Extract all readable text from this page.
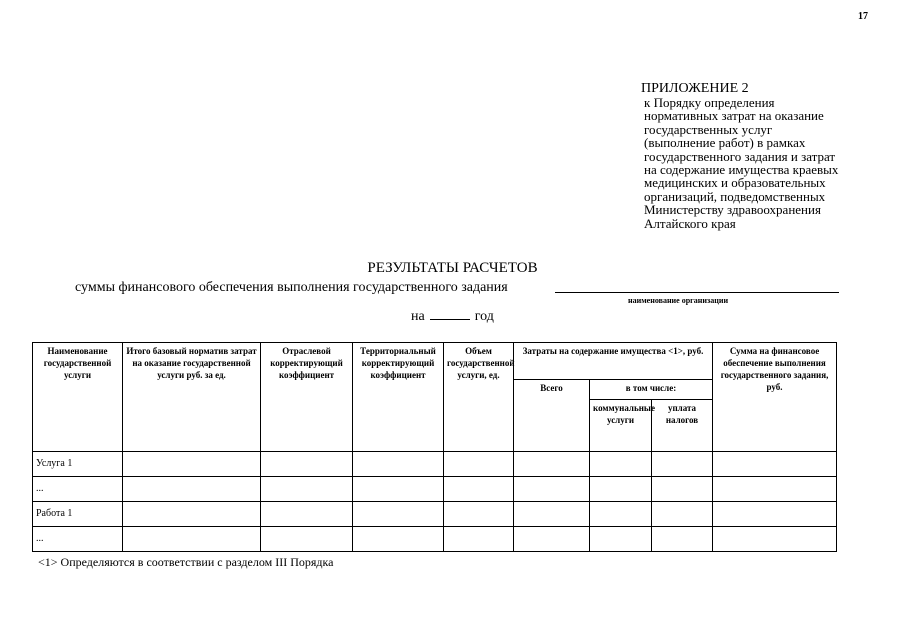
17
ПРИЛОЖЕНИЕ 2
к Порядку определения
нормативных затрат на оказание
государственных услуг
(выполнение работ) в рамках
государственного задания и затрат
на содержание имущества краевых
медицинских и образовательных
организаций, подведомственных
Министерству здравоохранения
Алтайского края
РЕЗУЛЬТАТЫ РАСЧЕТОВ
суммы финансового обеспечения выполнения государственного задания
наименование организации
на	год
Наименование государственной услуги	Итого базовый норматив затрат на оказание государственной услуги руб. за ед.	Отраслевой корректирующий коэффициент	Территориальный корректирующий коэффициент	Объем государственной услуги, ед.	Затраты на содержание имущества <1>, руб.			Сумма на финансовое обеспечение выполнения государственного задания, руб.
					Всего	в том числе:		
						коммунальные услуги	уплата налогов	
Услуга 1								
...								
Работа 1								
...								
<1> Определяются в соответствии с разделом III Порядка
